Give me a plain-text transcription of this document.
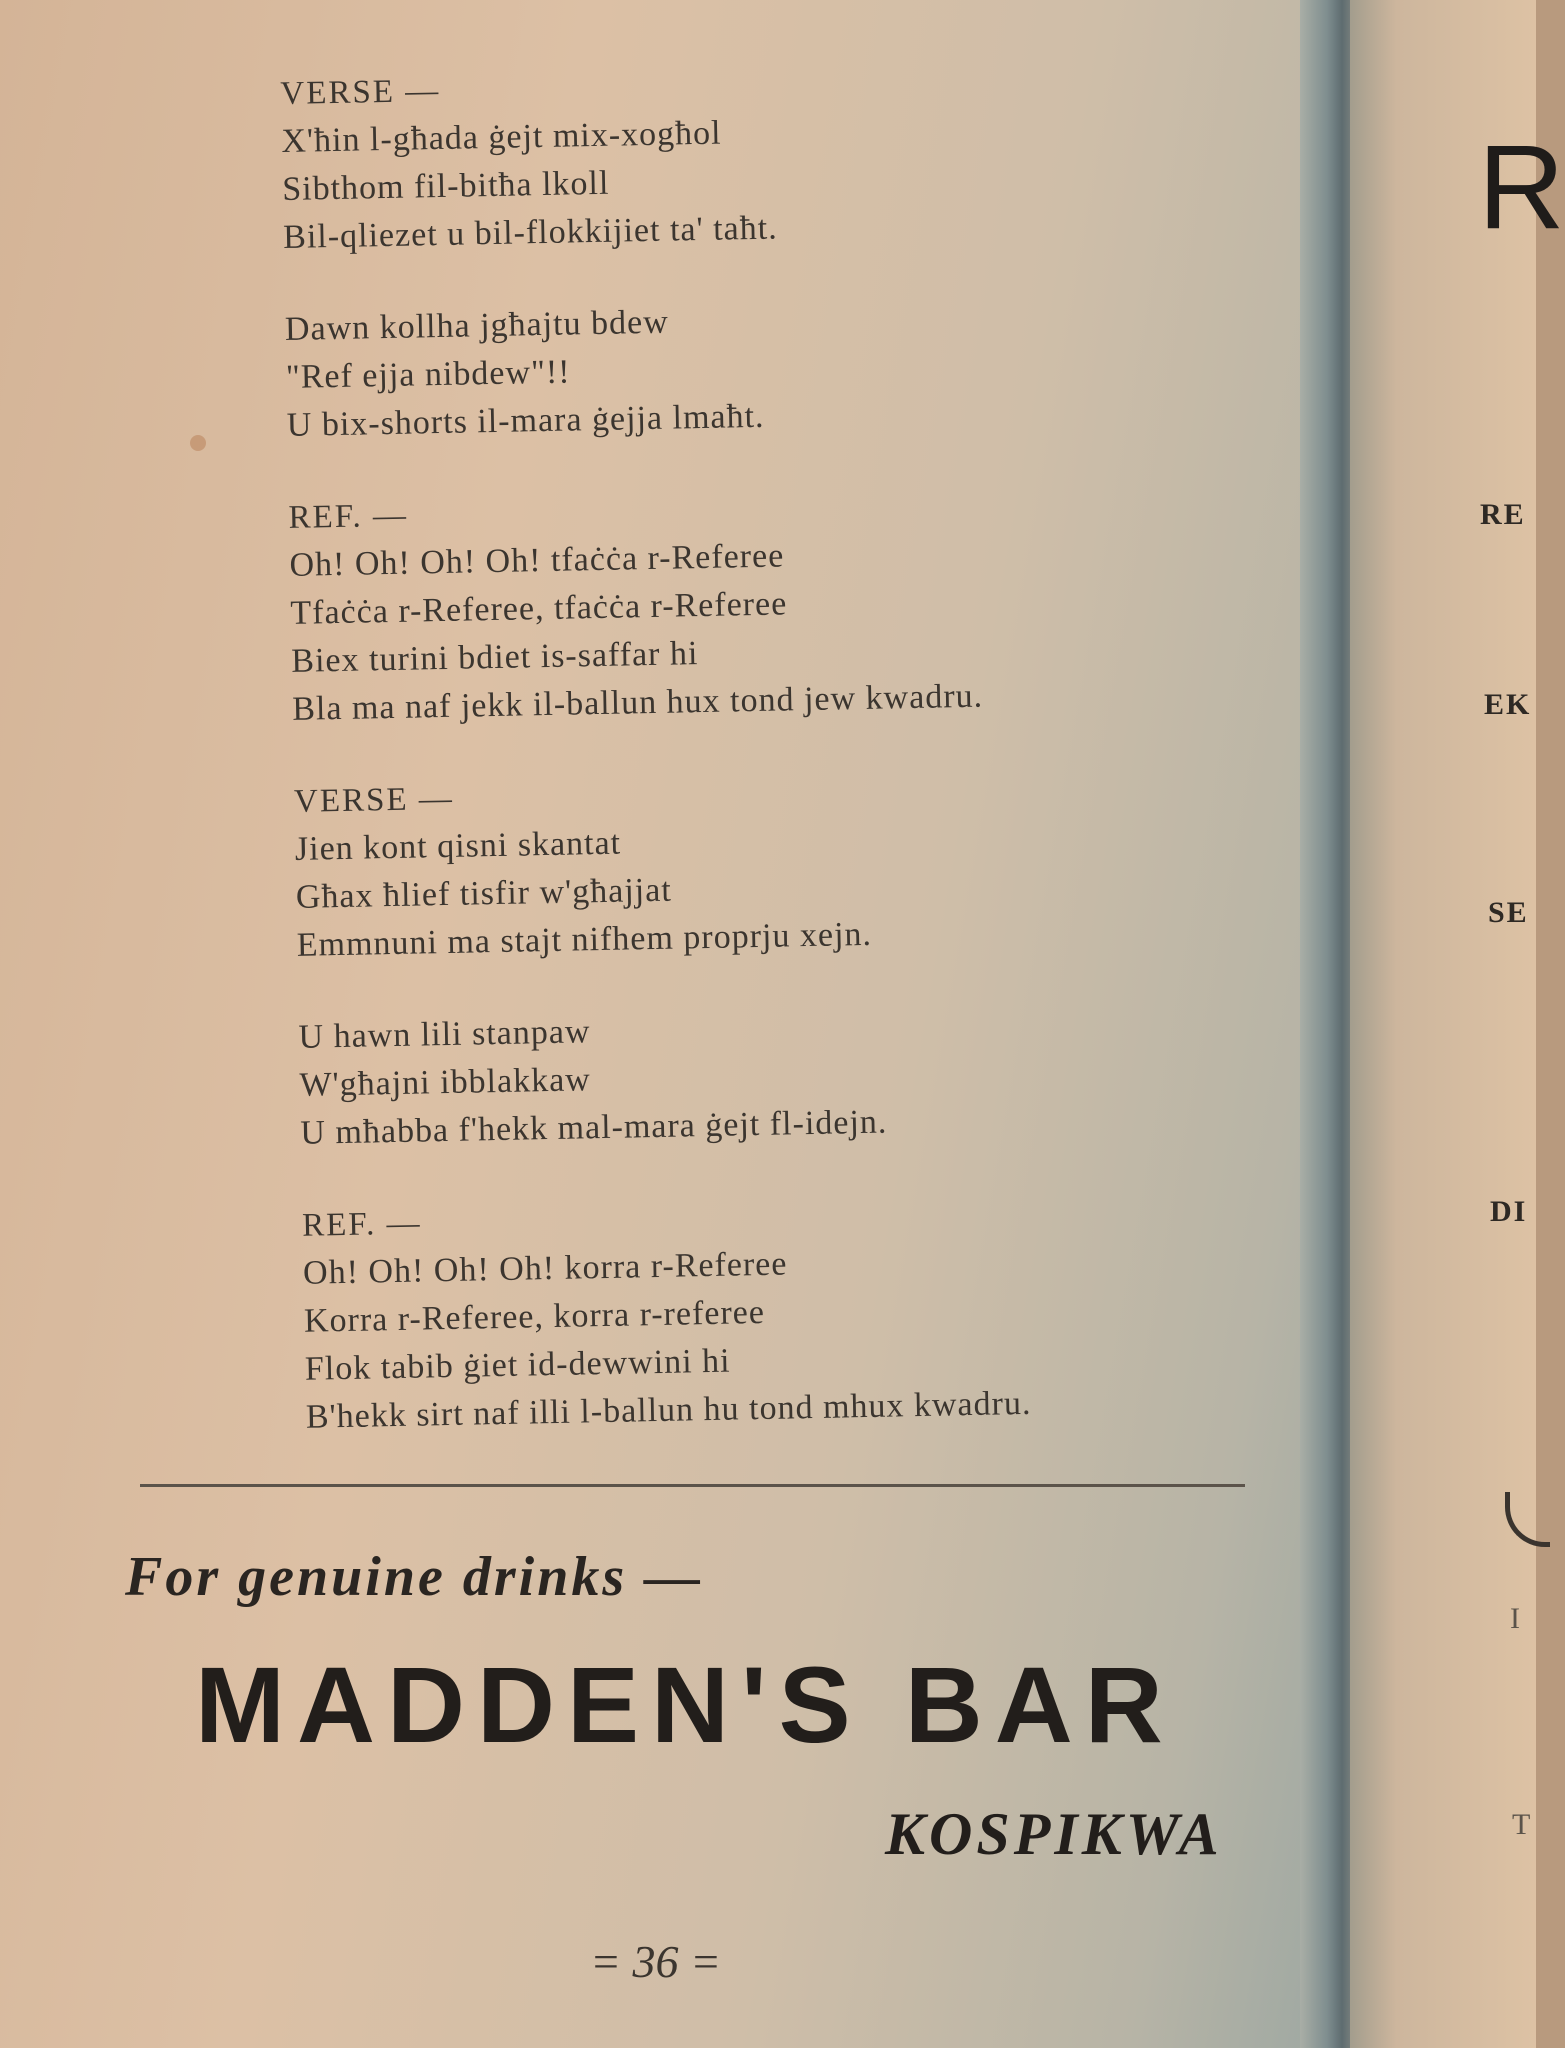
VERSE —
X'ħin l-għada ġejt mix-xogħol
Sibthom fil-bitħa lkoll
Bil-qliezet u bil-flokkijiet ta' taħt.
Dawn kollha jgħajtu bdew
"Ref ejja nibdew"!!
U bix-shorts il-mara ġejja lmaħt.
REF. —
Oh! Oh! Oh! Oh! tfaċċa r-Referee
Tfaċċa r-Referee, tfaċċa r-Referee
Biex turini bdiet is-saffar hi
Bla ma naf jekk il-ballun hux tond jew kwadru.
VERSE —
Jien kont qisni skantat
Għax ħlief tisfir w'għajjat
Emmnuni ma stajt nifhem proprju xejn.
U hawn lili stanpaw
W'għajni ibblakkaw
U mħabba f'hekk mal-mara ġejt fl-idejn.
REF. —
Oh! Oh! Oh! Oh! korra r-Referee
Korra r-Referee, korra r-referee
Flok tabib ġiet id-dewwini hi
B'hekk sirt naf illi l-ballun hu tond mhux kwadru.
For genuine drinks —
MADDEN'S BAR
KOSPIKWA
= 36 =
R
RE
EK
SE
DI
I
T
